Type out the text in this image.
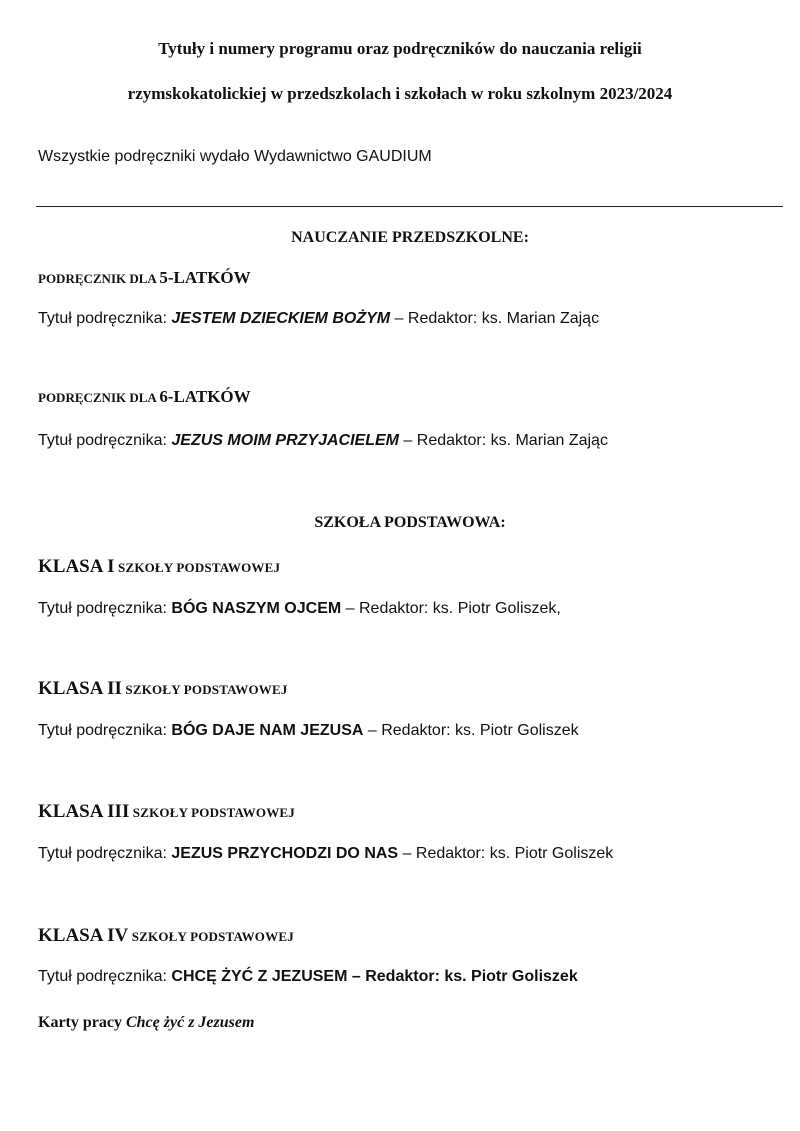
Tytuły i numery programu oraz podręczników do nauczania religii
rzymskokatolickiej w przedszkolach i szkołach w roku szkolnym 2023/2024
Wszystkie podręczniki wydało Wydawnictwo GAUDIUM
NAUCZANIE PRZEDSZKOLNE:
PODRĘCZNIK DLA 5-LATKÓW
Tytuł podręcznika: JESTEM DZIECKIEM BOŻYM – Redaktor: ks. Marian Zając
PODRĘCZNIK DLA 6-LATKÓW
Tytuł podręcznika: JEZUS MOIM PRZYJACIELEM – Redaktor: ks. Marian Zając
SZKOŁA PODSTAWOWA:
KLASA I SZKOŁY PODSTAWOWEJ
Tytuł podręcznika: BÓG NASZYM OJCEM – Redaktor: ks. Piotr Goliszek,
KLASA II SZKOŁY PODSTAWOWEJ
Tytuł podręcznika: BÓG DAJE NAM JEZUSA – Redaktor: ks. Piotr Goliszek
KLASA III SZKOŁY PODSTAWOWEJ
Tytuł podręcznika: JEZUS PRZYCHODZI DO NAS – Redaktor: ks. Piotr Goliszek
KLASA IV SZKOŁY PODSTAWOWEJ
Tytuł podręcznika: CHCĘ ŻYĆ Z JEZUSEM – Redaktor: ks. Piotr Goliszek
Karty pracy Chcę żyć z Jezusem
